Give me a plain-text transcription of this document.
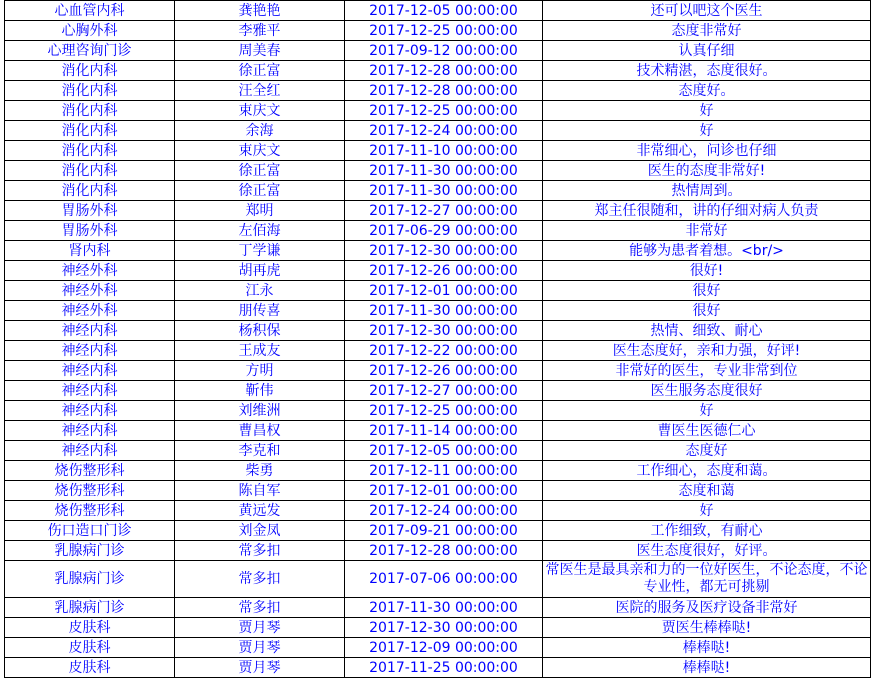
心血管内科	龚艳艳	2017-12-05 00:00:00	还可以吧这个医生
心胸外科	李雅平	2017-12-25 00:00:00	态度非常好
心理咨询门诊	周美春	2017-09-12 00:00:00	认真仔细
消化内科	徐正富	2017-12-28 00:00:00	技术精湛，态度很好。
消化内科	汪全红	2017-12-28 00:00:00	态度好。
消化内科	束庆文	2017-12-25 00:00:00	好
消化内科	余海	2017-12-24 00:00:00	好
消化内科	束庆文	2017-11-10 00:00:00	非常细心，问诊也仔细
消化内科	徐正富	2017-11-30 00:00:00	医生的态度非常好!
消化内科	徐正富	2017-11-30 00:00:00	热情周到。
胃肠外科	郑明	2017-12-27 00:00:00	郑主任很随和，讲的仔细对病人负责
胃肠外科	左佰海	2017-06-29 00:00:00	非常好
肾内科	丁学谦	2017-12-30 00:00:00	能够为患者着想。<br/>
神经外科	胡再虎	2017-12-26 00:00:00	很好!
神经外科	江永	2017-12-01 00:00:00	很好
神经外科	朋传喜	2017-11-30 00:00:00	很好
神经内科	杨积保	2017-12-30 00:00:00	热情、细致、耐心
神经内科	王成友	2017-12-22 00:00:00	医生态度好，亲和力强，好评!
神经内科	方明	2017-12-26 00:00:00	非常好的医生，专业非常到位
神经内科	靳伟	2017-12-27 00:00:00	医生服务态度很好
神经内科	刘维洲	2017-12-25 00:00:00	好
神经内科	曹昌权	2017-11-14 00:00:00	曹医生医德仁心
神经内科	李克和	2017-12-05 00:00:00	态度好
烧伤整形科	柴勇	2017-12-11 00:00:00	工作细心，态度和蔼。
烧伤整形科	陈自军	2017-12-01 00:00:00	态度和蔼
烧伤整形科	黄远发	2017-12-24 00:00:00	好
伤口造口门诊	刘金凤	2017-09-21 00:00:00	工作细致，有耐心
乳腺病门诊	常多扣	2017-12-28 00:00:00	医生态度很好，好评。
乳腺病门诊	常多扣	2017-07-06 00:00:00	常医生是最具亲和力的一位好医生，不论态度，不论专业性，都无可挑剔
乳腺病门诊	常多扣	2017-11-30 00:00:00	医院的服务及医疗设备非常好
皮肤科	贾月琴	2017-12-30 00:00:00	贾医生棒棒哒!
皮肤科	贾月琴	2017-12-09 00:00:00	棒棒哒!
皮肤科	贾月琴	2017-11-25 00:00:00	棒棒哒!
